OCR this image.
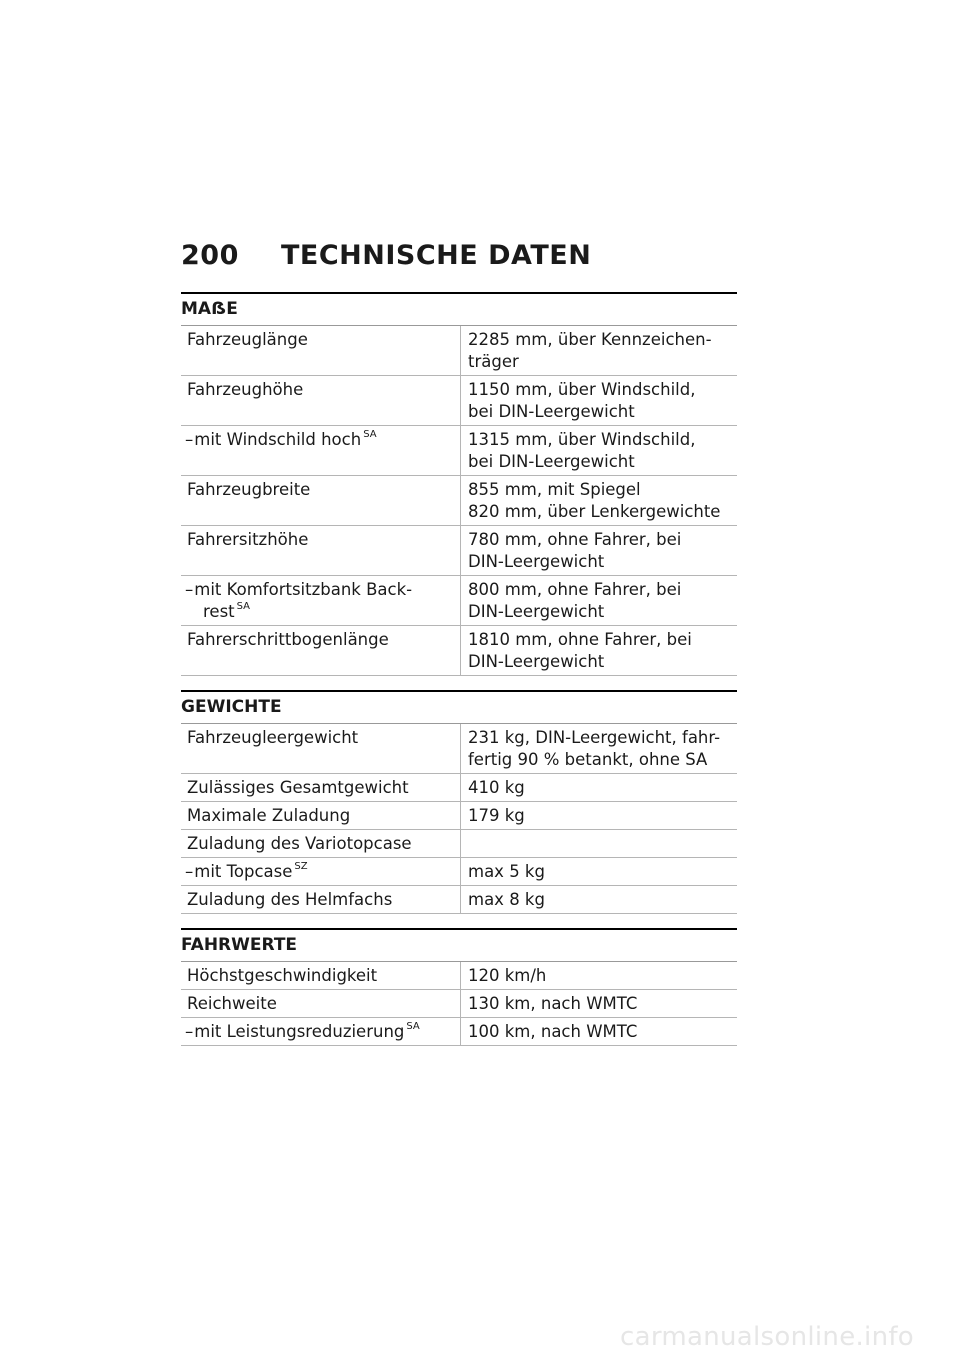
200	TECHNISCHE DATEN
MAẞE
Fahrzeuglänge	2285 mm, über Kennzeichen-
träger

Fahrzeughöhe	1150 mm, über Windschild,
bei DIN-Leergewicht

–mit Windschild hoch $^{SA}$	1315 mm, über Windschild,
bei DIN-Leergewicht

Fahrzeugbreite	855 mm, mit Spiegel
820 mm, über Lenkergewichte

Fahrersitzhöhe	780 mm, ohne Fahrer, bei
DIN-Leergewicht

–mit Komfortsitzbank Back-
rest $^{SA}$	800 mm, ohne Fahrer, bei
DIN-Leergewicht

Fahrerschrittbogenlänge	1810 mm, ohne Fahrer, bei
DIN-Leergewicht
GEWICHTE
Fahrzeugleergewicht	231 kg, DIN-Leergewicht, fahr-
fertig 90 % betankt, ohne SA

Zulässiges Gesamtgewicht	410 kg

Maximale Zuladung	179 kg

Zuladung des Variotopcase	

–mit Topcase $^{SZ}$	max 5 kg

Zuladung des Helmfachs	max 8 kg
FAHRWERTE
Höchstgeschwindigkeit	120 km/h

Reichweite	130 km, nach WMTC

–mit Leistungsreduzierung $^{SA}$	100 km, nach WMTC
carmanualsonline.info
